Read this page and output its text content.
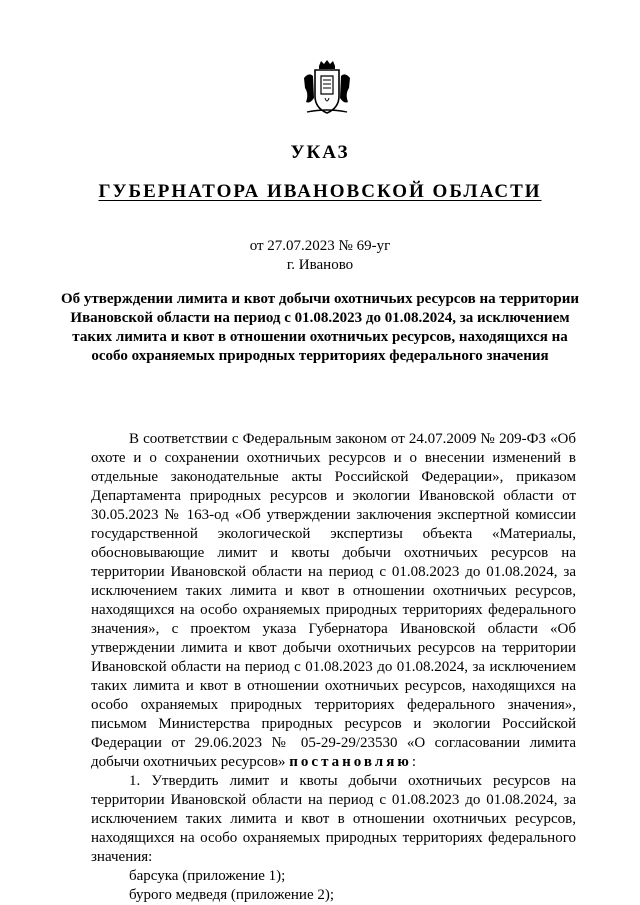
УКАЗ
ГУБЕРНАТОРА ИВАНОВСКОЙ ОБЛАСТИ
от 27.07.2023 № 69-уг
г. Иваново

Об утверждении лимита и квот добычи охотничьих ресурсов на территории Ивановской области на период с 01.08.2023 до 01.08.2024, за исключением таких лимита и квот в отношении охотничьих ресурсов, находящихся на особо охраняемых природных территориях федерального значения

В соответствии с Федеральным законом от 24.07.2009 № 209-ФЗ «Об охоте и о сохранении охотничьих ресурсов и о внесении изменений в отдельные законодательные акты Российской Федерации», приказом Департамента природных ресурсов и экологии Ивановской области от 30.05.2023 № 163-од «Об утверждении заключения экспертной комиссии государственной экологической экспертизы объекта «Материалы, обосновывающие лимит и квоты добычи охотничьих ресурсов на территории Ивановской области на период с 01.08.2023 до 01.08.2024, за исключением таких лимита и квот в отношении охотничьих ресурсов, находящихся на особо охраняемых природных территориях федерального значения», с проектом указа Губернатора Ивановской области «Об утверждении лимита и квот добычи охотничьих ресурсов на территории Ивановской области на период с 01.08.2023 до 01.08.2024, за исключением таких лимита и квот в отношении охотничьих ресурсов, находящихся на особо охраняемых природных территориях федерального значения», письмом Министерства природных ресурсов и экологии Российской Федерации от 29.06.2023 № 05-29-29/23530 «О согласовании лимита добычи охотничьих ресурсов» постановляю:

1. Утвердить лимит и квоты добычи охотничьих ресурсов на территории Ивановской области на период с 01.08.2023 до 01.08.2024, за исключением таких лимита и квот в отношении охотничьих ресурсов, находящихся на особо охраняемых природных территориях федерального значения:

барсука (приложение 1);

бурого медведя (приложение 2);
